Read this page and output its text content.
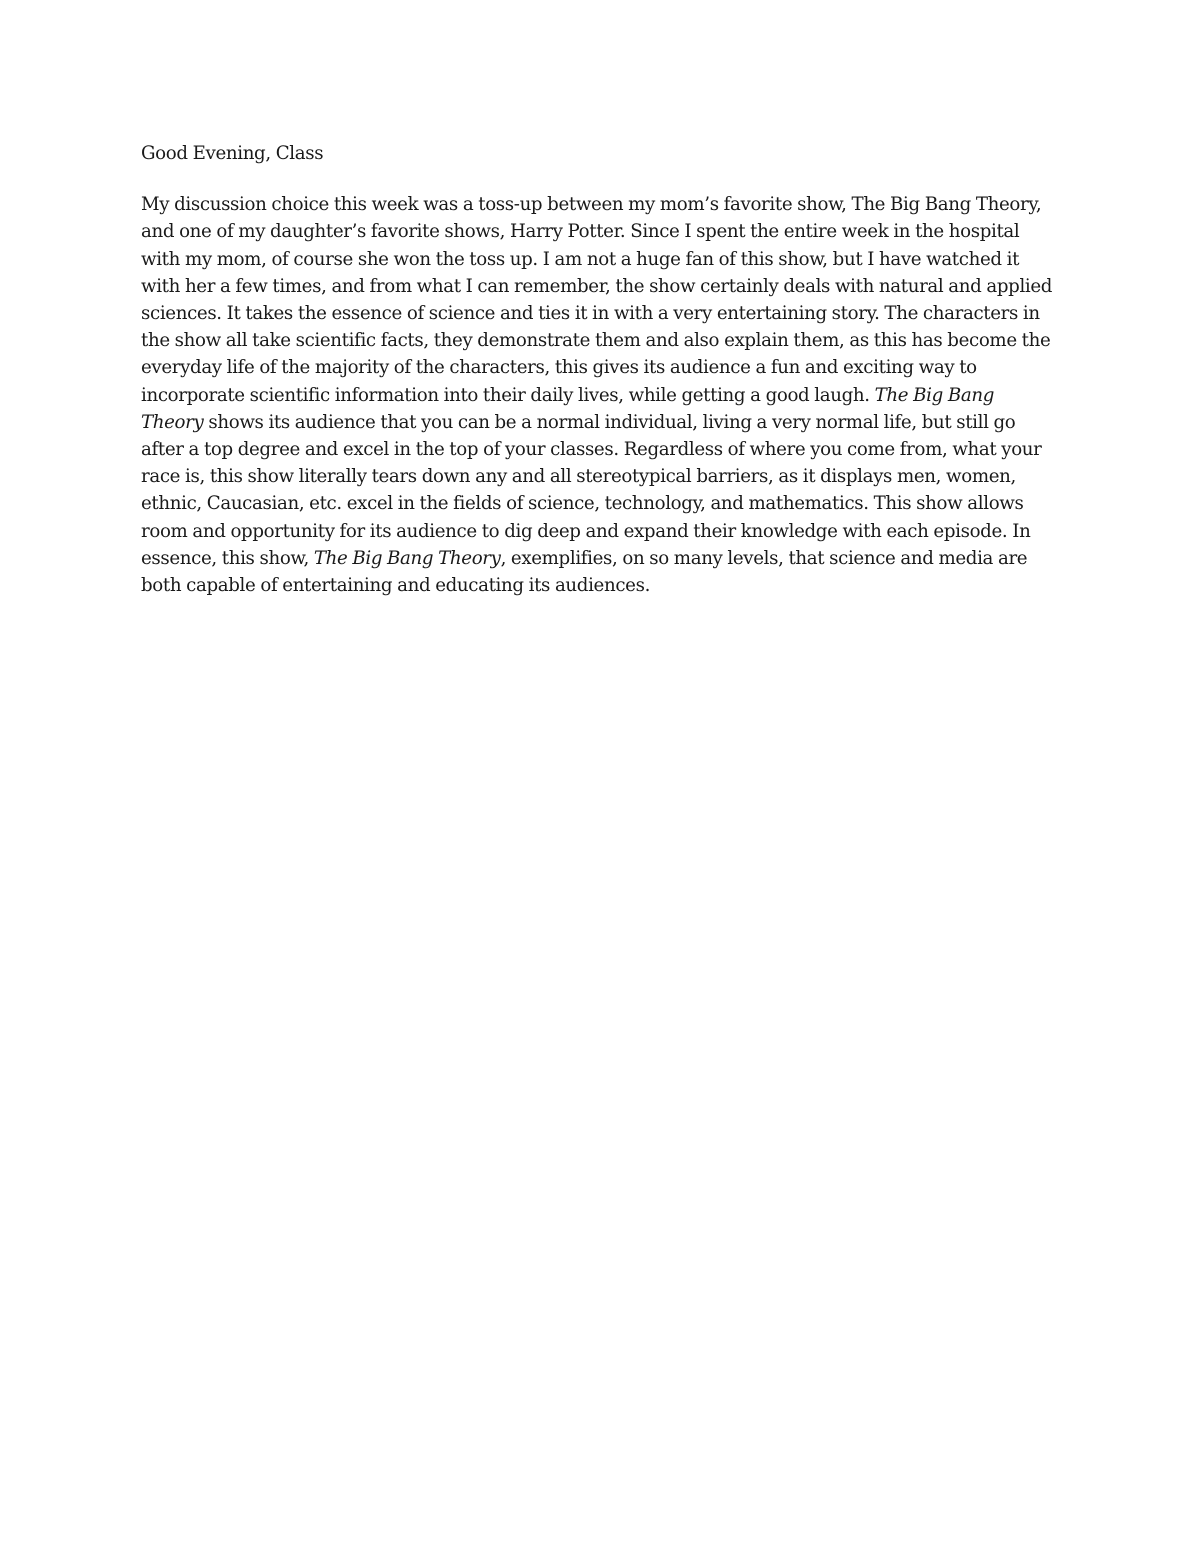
Good Evening, Class

My discussion choice this week was a toss-up between my mom’s favorite show, The Big Bang Theory, and one of my daughter’s favorite shows, Harry Potter. Since I spent the entire week in the hospital with my mom, of course she won the toss up. I am not a huge fan of this show, but I have watched it with her a few times, and from what I can remember, the show certainly deals with natural and applied sciences. It takes the essence of science and ties it in with a very entertaining story. The characters in the show all take scientific facts, they demonstrate them and also explain them, as this has become the everyday life of the majority of the characters, this gives its audience a fun and exciting way to incorporate scientific information into their daily lives, while getting a good laugh. The Big Bang Theory shows its audience that you can be a normal individual, living a very normal life, but still go after a top degree and excel in the top of your classes. Regardless of where you come from, what your race is, this show literally tears down any and all stereotypical barriers, as it displays men, women, ethnic, Caucasian, etc. excel in the fields of science, technology, and mathematics. This show allows room and opportunity for its audience to dig deep and expand their knowledge with each episode. In essence, this show, The Big Bang Theory, exemplifies, on so many levels, that science and media are both capable of entertaining and educating its audiences.
